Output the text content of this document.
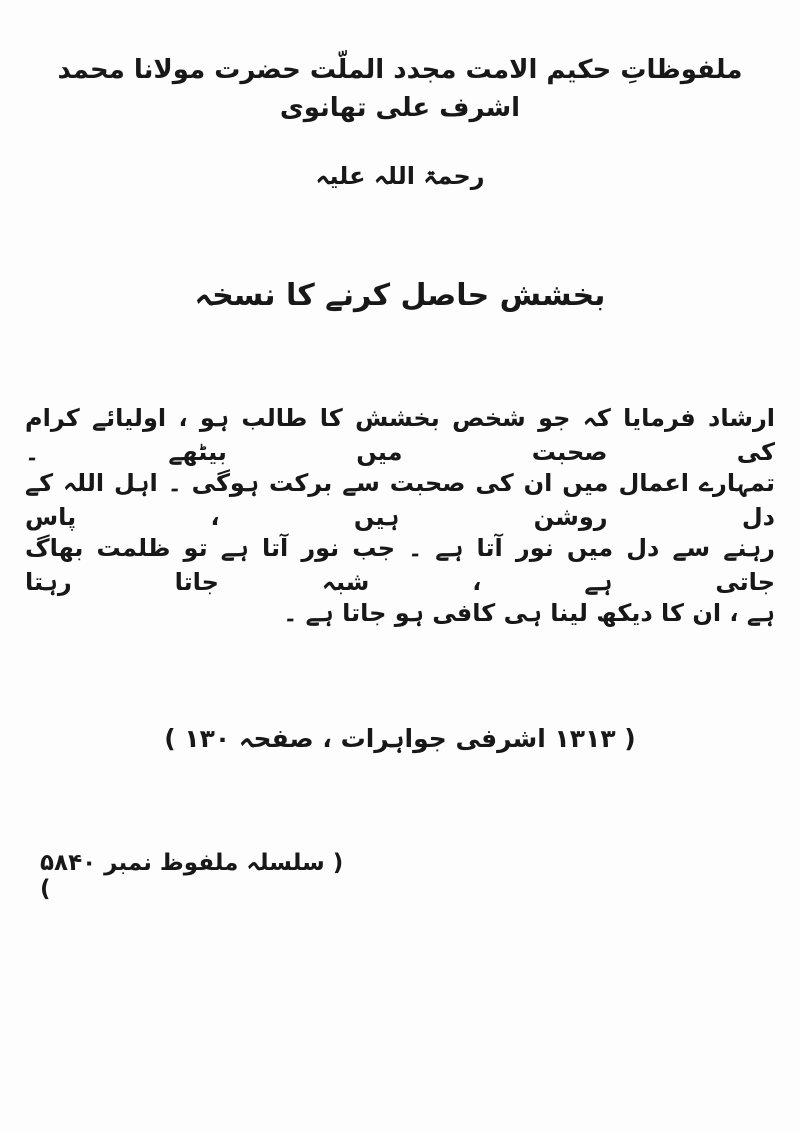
ملفوظاتِ حکیم الامت مجدد الملّت حضرت مولانا محمد اشرف علی تھانوی
رحمۃ اللہ علیہ
بخشش حاصل کرنے کا نسخہ
ارشاد فرمایا کہ جو شخص بخشش کا طالب ہو ، اولیائے کرام کی صحبت میں بیٹھے ۔
تمہارے اعمال میں ان کی صحبت سے برکت ہوگی ۔ اہل اللہ کے دل روشن ہیں ، پاس
رہنے سے دل میں نور آتا ہے ۔ جب نور آتا ہے تو ظلمت بھاگ جاتی ہے ، شبہ جاتا رہتا
ہے ، ان کا دیکھ لینا ہی کافی ہو جاتا ہے ۔
( ۱۳۱۳ اشرفی جواہرات ، صفحہ ۱۳۰ )
( سلسلہ ملفوظ نمبر ۵۸۴۰ )
